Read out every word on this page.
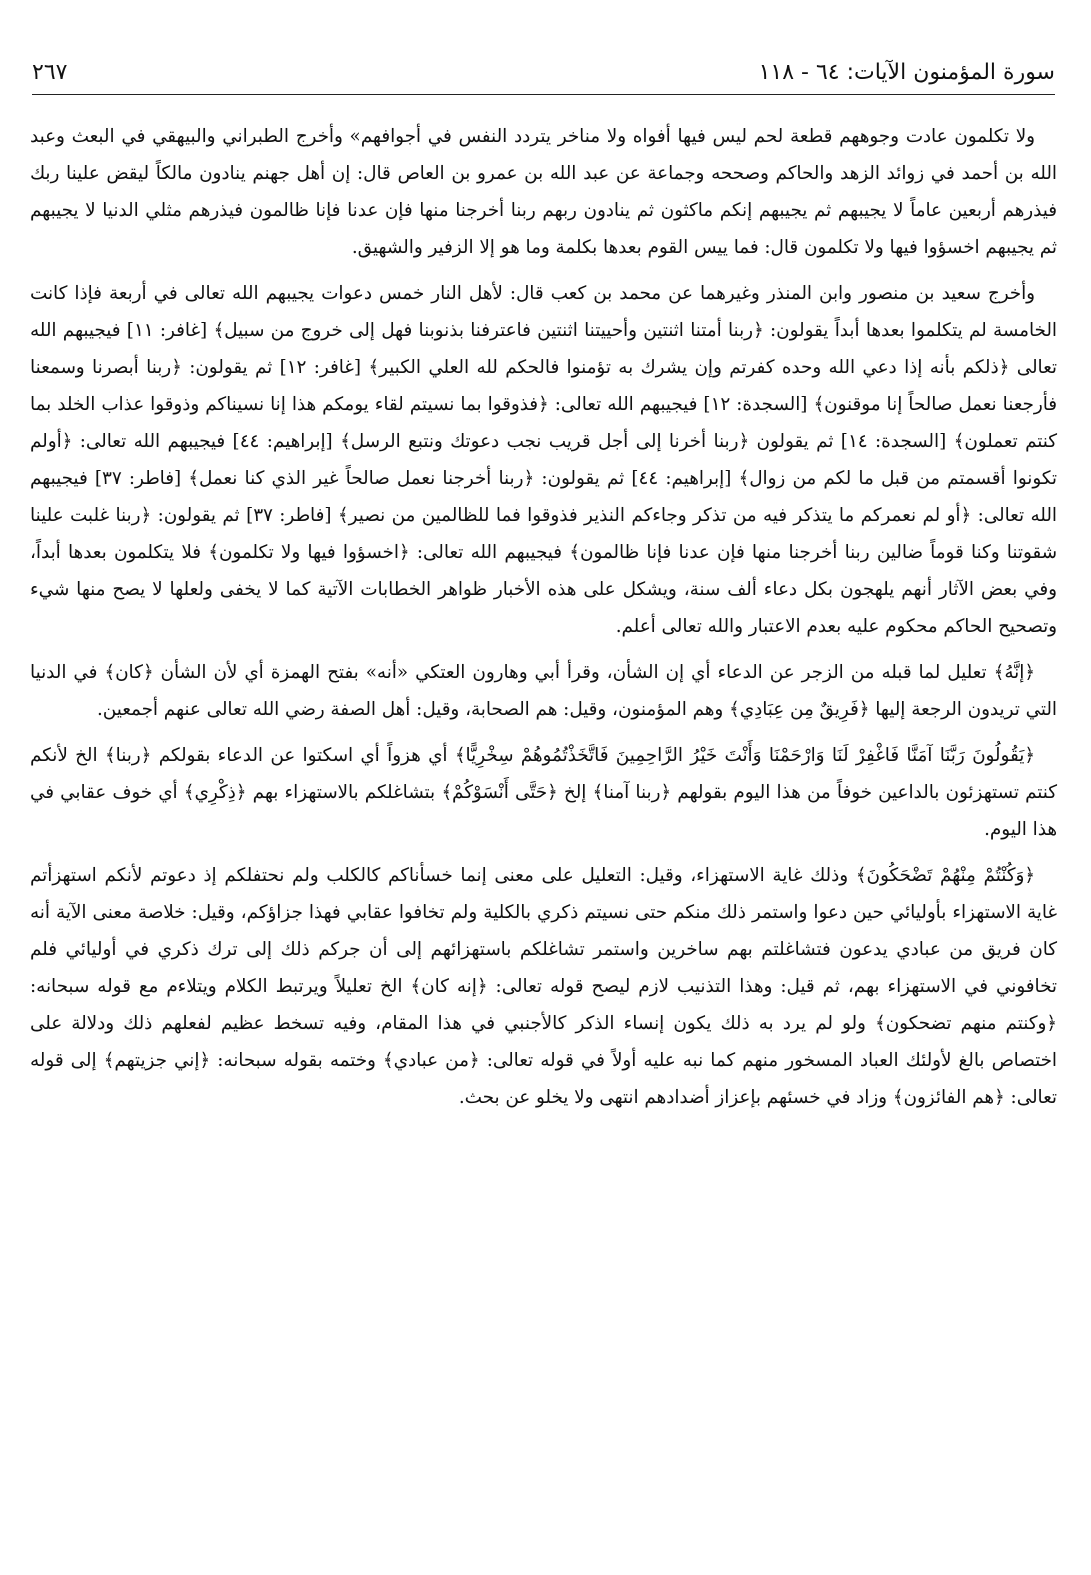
سورة المؤمنون الآيات: ٦٤ - ١١٨
٢٦٧

ولا تكلمون عادت وجوههم قطعة لحم ليس فيها أفواه ولا مناخر يتردد النفس في أجوافهم» وأخرج الطبراني والبيهقي في البعث وعبد الله بن أحمد في زوائد الزهد والحاكم وصححه وجماعة عن عبد الله بن عمرو بن العاص قال: إن أهل جهنم ينادون مالكاً ليقض علينا ربك فيذرهم أربعين عاماً لا يجيبهم ثم يجيبهم إنكم ماكثون ثم ينادون ربهم ربنا أخرجنا منها فإن عدنا فإنا ظالمون فيذرهم مثلي الدنيا لا يجيبهم ثم يجيبهم اخسؤوا فيها ولا تكلمون قال: فما ييس القوم بعدها بكلمة وما هو إلا الزفير والشهيق.

وأخرج سعيد بن منصور وابن المنذر وغيرهما عن محمد بن كعب قال: لأهل النار خمس دعوات يجيبهم الله تعالى في أربعة فإذا كانت الخامسة لم يتكلموا بعدها أبداً يقولون: ﴿ربنا أمتنا اثنتين وأحييتنا اثنتين فاعترفنا بذنوبنا فهل إلى خروج من سبيل﴾ [غافر: ١١] فيجيبهم الله تعالى ﴿ذلكم بأنه إذا دعي الله وحده كفرتم وإن يشرك به تؤمنوا فالحكم لله العلي الكبير﴾ [غافر: ١٢] ثم يقولون: ﴿ربنا أبصرنا وسمعنا فأرجعنا نعمل صالحاً إنا موقنون﴾ [السجدة: ١٢] فيجيبهم الله تعالى: ﴿فذوقوا بما نسيتم لقاء يومكم هذا إنا نسيناكم وذوقوا عذاب الخلد بما كنتم تعملون﴾ [السجدة: ١٤] ثم يقولون ﴿ربنا أخرنا إلى أجل قريب نجب دعوتك ونتبع الرسل﴾ [إبراهيم: ٤٤] فيجيبهم الله تعالى: ﴿أولم تكونوا أقسمتم من قبل ما لكم من زوال﴾ [إبراهيم: ٤٤] ثم يقولون: ﴿ربنا أخرجنا نعمل صالحاً غير الذي كنا نعمل﴾ [فاطر: ٣٧] فيجيبهم الله تعالى: ﴿أو لم نعمركم ما يتذكر فيه من تذكر وجاءكم النذير فذوقوا فما للظالمين من نصير﴾ [فاطر: ٣٧] ثم يقولون: ﴿ربنا غلبت علينا شقوتنا وكنا قوماً ضالين ربنا أخرجنا منها فإن عدنا فإنا ظالمون﴾ فيجيبهم الله تعالى: ﴿اخسؤوا فيها ولا تكلمون﴾ فلا يتكلمون بعدها أبداً، وفي بعض الآثار أنهم يلهجون بكل دعاء ألف سنة، ويشكل على هذه الأخبار ظواهر الخطابات الآتية كما لا يخفى ولعلها لا يصح منها شيء وتصحيح الحاكم محكوم عليه بعدم الاعتبار والله تعالى أعلم.

﴿إنَّهُ﴾ تعليل لما قبله من الزجر عن الدعاء أي إن الشأن، وقرأ أبي وهارون العتكي «أنه» بفتح الهمزة أي لأن الشأن ﴿كان﴾ في الدنيا التي تريدون الرجعة إليها ﴿فَرِيقٌ مِن عِبَادِي﴾ وهم المؤمنون، وقيل: هم الصحابة، وقيل: أهل الصفة رضي الله تعالى عنهم أجمعين.

﴿يَقُولُونَ رَبَّنَا آمَنَّا فَاغْفِرْ لَنَا وَارْحَمْنَا وَأَنْتَ خَيْرُ الرَّاحِمِينَ فَاتَّخَذْتُمُوهُمْ سِخْرِيًّا﴾ أي هزواً أي اسكتوا عن الدعاء بقولكم ﴿ربنا﴾ الخ لأنكم كنتم تستهزئون بالداعين خوفاً من هذا اليوم بقولهم ﴿ربنا آمنا﴾ إلخ ﴿حَتَّى أَنْسَوْكُمْ﴾ بتشاغلكم بالاستهزاء بهم ﴿ذِكْرِي﴾ أي خوف عقابي في هذا اليوم.

﴿وَكُنْتُمْ مِنْهُمْ تَضْحَكُونَ﴾ وذلك غاية الاستهزاء، وقيل: التعليل على معنى إنما خسأناكم كالكلب ولم نحتفلكم إذ دعوتم لأنكم استهزأتم غاية الاستهزاء بأوليائي حين دعوا واستمر ذلك منكم حتى نسيتم ذكري بالكلية ولم تخافوا عقابي فهذا جزاؤكم، وقيل: خلاصة معنى الآية أنه كان فريق من عبادي يدعون فتشاغلتم بهم ساخرين واستمر تشاغلكم باستهزائهم إلى أن جركم ذلك إلى ترك ذكري في أوليائي فلم تخافوني في الاستهزاء بهم، ثم قيل: وهذا التذنيب لازم ليصح قوله تعالى: ﴿إنه كان﴾ الخ تعليلاً ويرتبط الكلام ويتلاءم مع قوله سبحانه: ﴿وكنتم منهم تضحكون﴾ ولو لم يرد به ذلك يكون إنساء الذكر كالأجنبي في هذا المقام، وفيه تسخط عظيم لفعلهم ذلك ودلالة على اختصاص بالغ لأولئك العباد المسخور منهم كما نبه عليه أولاً في قوله تعالى: ﴿من عبادي﴾ وختمه بقوله سبحانه: ﴿إني جزيتهم﴾ إلى قوله تعالى: ﴿هم الفائزون﴾ وزاد في خسئهم بإعزاز أضدادهم انتهى ولا يخلو عن بحث.
